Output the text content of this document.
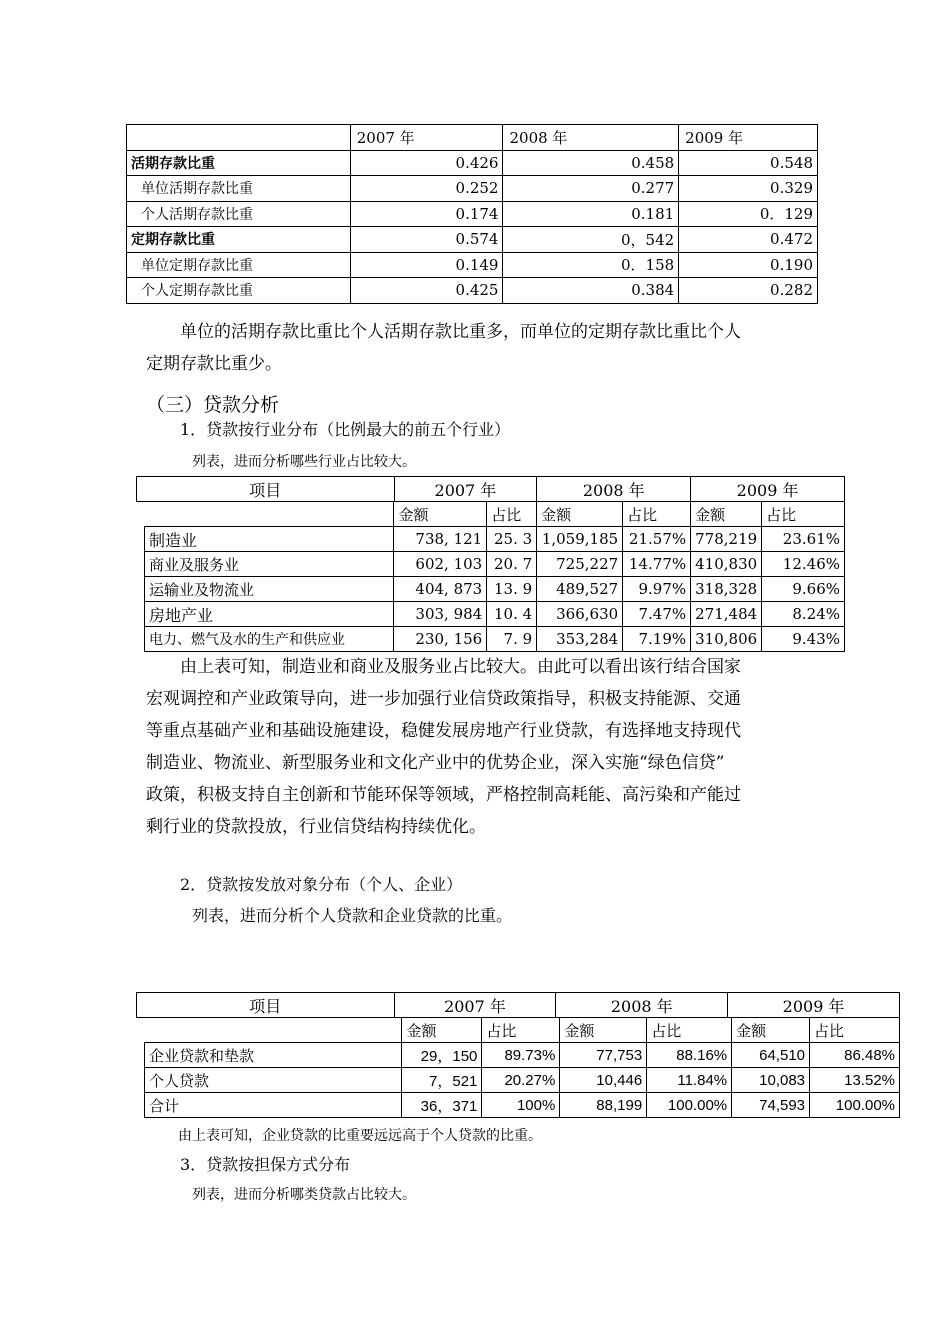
	2007 年	2008 年	2009 年
活期存款比重	0.426	0.458	0.548
单位活期存款比重	0.252	0.277	0.329
个人活期存款比重	0.174	0.181	0．129
定期存款比重	0.574	0，542	0.472
单位定期存款比重	0.149	0．158	0.190
个人定期存款比重	0.425	0.384	0.282

单位的活期存款比重比个人活期存款比重多，而单位的定期存款比重比个人

定期存款比重少。

（三）贷款分析
1．贷款按行业分布（比例最大的前五个行业）
列表，进而分析哪些行业占比较大。
项目	2007 年	2008 年	2009 年
	金额	占比	金额	占比	金额	占比
制造业	738, 121	25. 3	1,059,185	21.57%	778,219	23.61%
商业及服务业	602, 103	20. 7	725,227	14.77%	410,830	12.46%
运输业及物流业	404, 873	13. 9	489,527	9.97%	318,328	9.66%
房地产业	303, 984	10. 4	366,630	7.47%	271,484	8.24%
电力、燃气及水的生产和供应业	230, 156	7. 9	353,284	7.19%	310,806	9.43%

由上表可知，制造业和商业及服务业占比较大。由此可以看出该行结合国家

宏观调控和产业政策导向，进一步加强行业信贷政策指导，积极支持能源、交通

等重点基础产业和基础设施建设，稳健发展房地产行业贷款，有选择地支持现代

制造业、物流业、新型服务业和文化产业中的优势企业，深入实施“绿色信贷”

政策，积极支持自主创新和节能环保等领域，严格控制高耗能、高污染和产能过

剩行业的贷款投放，行业信贷结构持续优化。

2．贷款按发放对象分布（个人、企业）
列表，进而分析个人贷款和企业贷款的比重。
项目	2007 年	2008 年	2009 年
	金额	占比	金额	占比	金额	占比
企业贷款和垫款	29，150	89.73%	77,753	88.16%	64,510	86.48%
个人贷款	7，521	20.27%	10,446	11.84%	10,083	13.52%
合计	36，371	100%	88,199	100.00%	74,593	100.00%
由上表可知，企业贷款的比重要远远高于个人贷款的比重。
3．贷款按担保方式分布
列表，进而分析哪类贷款占比较大。
